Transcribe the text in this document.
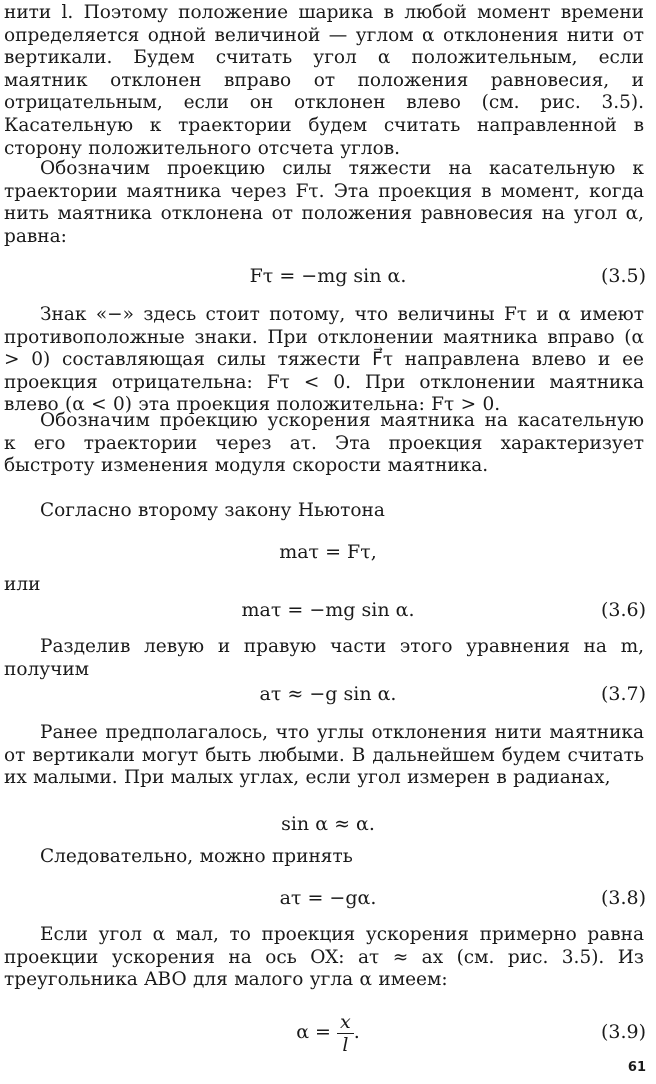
нити l. Поэтому положение шарика в любой момент времени определяется одной величиной — углом α отклонения нити от вертикали. Будем считать угол α положительным, если маятник отклонен вправо от положения равновесия, и отрицательным, если он отклонен влево (см. рис. 3.5). Касательную к траектории будем считать направленной в сторону положительного отсчета углов.
Обозначим проекцию силы тяжести на касательную к траектории маятника через Fτ. Эта проекция в момент, когда нить маятника отклонена от положения равновесия на угол α, равна:
Fτ = −mg sin α.	(3.5)
Знак «−» здесь стоит потому, что величины Fτ и α имеют противоположные знаки. При отклонении маятника вправо (α > 0) составляющая силы тяжести F⃗τ направлена влево и ее проекция отрицательна: Fτ < 0. При отклонении маятника влево (α < 0) эта проекция положительна: Fτ > 0.
Обозначим проекцию ускорения маятника на касательную к его траектории через aτ. Эта проекция характеризует быстроту изменения модуля скорости маятника.
Согласно второму закону Ньютона
maτ = Fτ,
или
maτ = −mg sin α.	(3.6)
Разделив левую и правую части этого уравнения на m, получим
aτ ≈ −g sin α.	(3.7)
Ранее предполагалось, что углы отклонения нити маятника от вертикали могут быть любыми. В дальнейшем будем считать их малыми. При малых углах, если угол измерен в радианах,
sin α ≈ α.
Следовательно, можно принять
aτ = −gα.	(3.8)
Если угол α мал, то проекция ускорения примерно равна проекции ускорения на ось OX: aτ ≈ ax (см. рис. 3.5). Из треугольника ABO для малого угла α имеем:
$\alpha = \frac{x}{l}$ .	(3.9)
61
